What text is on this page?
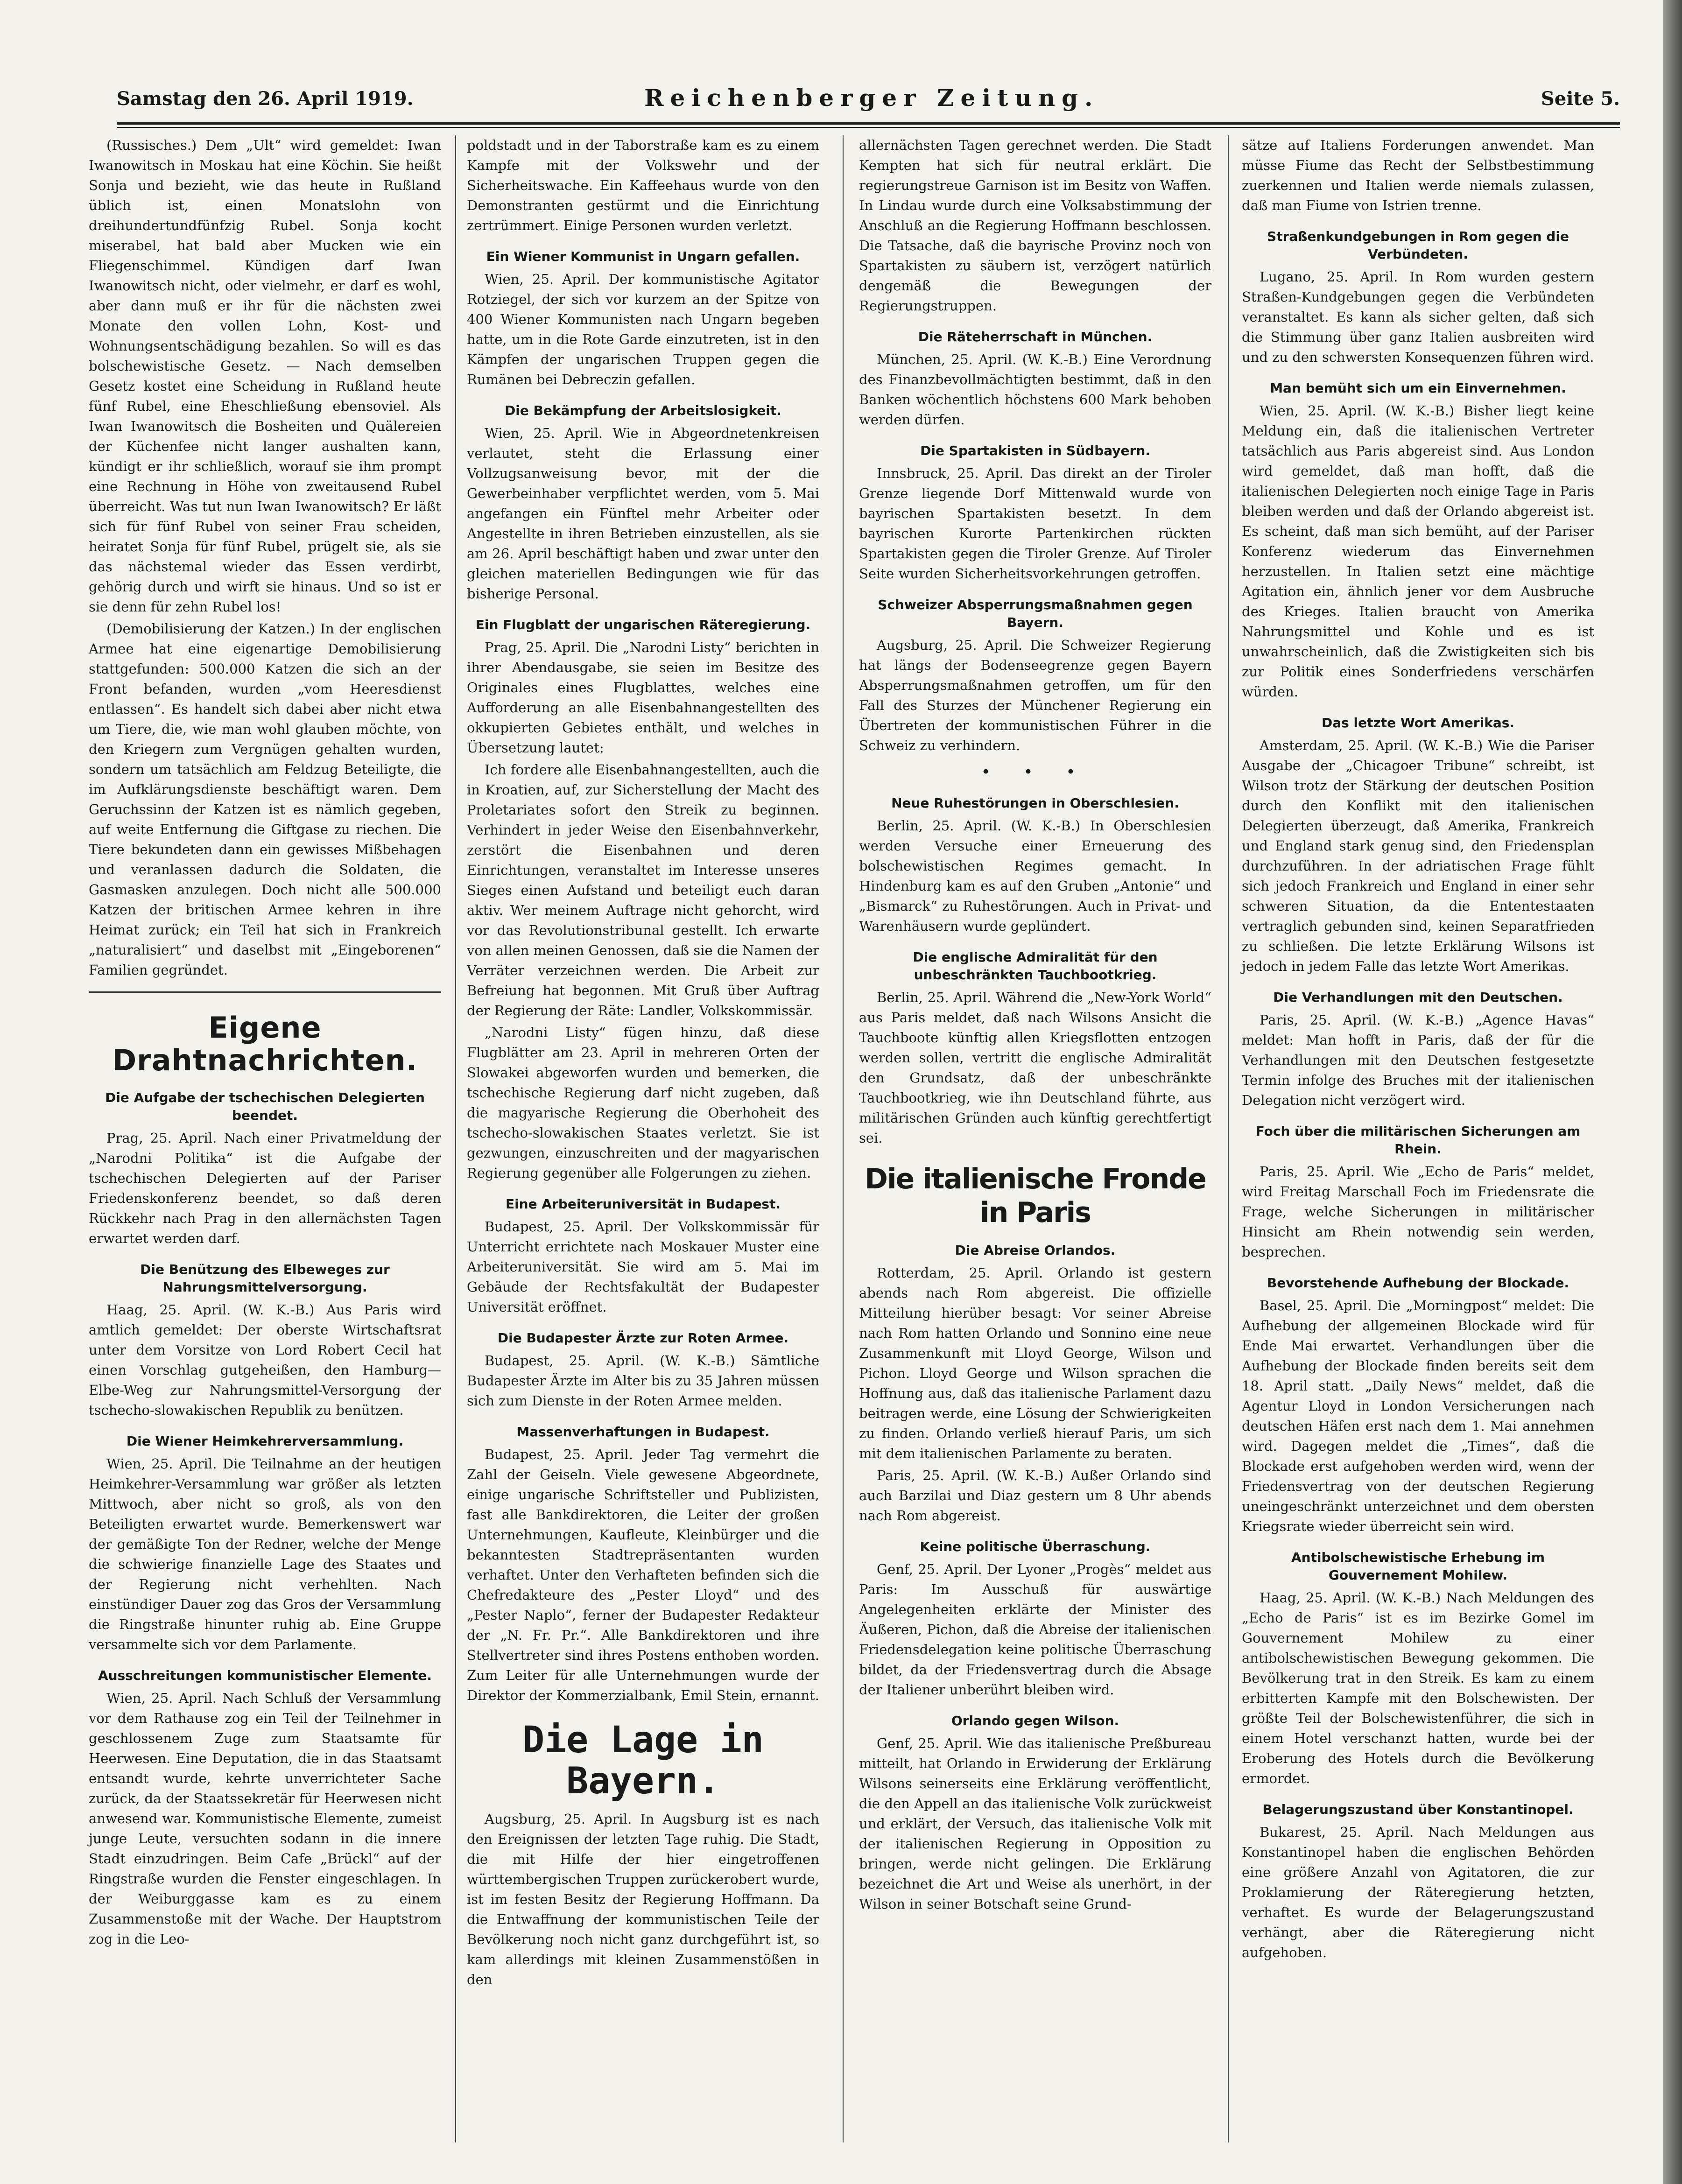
Samstag den 26. April 1919.	Reichenberger Zeitung.	Seite 5.

(Russisches.) Dem „Ult“ wird gemeldet: Iwan Iwanowitsch in Moskau hat eine Köchin. Sie heißt Sonja und bezieht, wie das heute in Rußland üblich ist, einen Monatslohn von dreihundertundfünfzig Rubel. Sonja kocht miserabel, hat bald aber Mucken wie ein Fliegenschimmel. Kündigen darf Iwan Iwanowitsch nicht, oder vielmehr, er darf es wohl, aber dann muß er ihr für die nächsten zwei Monate den vollen Lohn, Kost- und Wohnungsentschädigung bezahlen. So will es das bolschewistische Gesetz. — Nach demselben Gesetz kostet eine Scheidung in Rußland heute fünf Rubel, eine Eheschließung ebensoviel. Als Iwan Iwanowitsch die Bosheiten und Quälereien der Küchenfee nicht langer aushalten kann, kündigt er ihr schließlich, worauf sie ihm prompt eine Rechnung in Höhe von zweitausend Rubel überreicht. Was tut nun Iwan Iwanowitsch? Er läßt sich für fünf Rubel von seiner Frau scheiden, heiratet Sonja für fünf Rubel, prügelt sie, als sie das nächstemal wieder das Essen verdirbt, gehörig durch und wirft sie hinaus. Und so ist er sie denn für zehn Rubel los!

(Demobilisierung der Katzen.) In der englischen Armee hat eine eigenartige Demobilisierung stattgefunden: 500.000 Katzen die sich an der Front befanden, wurden „vom Heeresdienst entlassen“. Es handelt sich dabei aber nicht etwa um Tiere, die, wie man wohl glauben möchte, von den Kriegern zum Vergnügen gehalten wurden, sondern um tatsächlich am Feldzug Beteiligte, die im Aufklärungsdienste beschäftigt waren. Dem Geruchssinn der Katzen ist es nämlich gegeben, auf weite Entfernung die Giftgase zu riechen. Die Tiere bekundeten dann ein gewisses Mißbehagen und veranlassen dadurch die Soldaten, die Gasmasken anzulegen. Doch nicht alle 500.000 Katzen der britischen Armee kehren in ihre Heimat zurück; ein Teil hat sich in Frankreich „naturalisiert“ und daselbst mit „Eingeborenen“ Familien gegründet.

Eigene Drahtnachrichten.
Die Aufgabe der tschechischen Delegierten beendet.

Prag, 25. April. Nach einer Privatmeldung der „Narodni Politika“ ist die Aufgabe der tschechischen Delegierten auf der Pariser Friedenskonferenz beendet, so daß deren Rückkehr nach Prag in den allernächsten Tagen erwartet werden darf.

Die Benützung des Elbeweges zur Nahrungsmittelversorgung.

Haag, 25. April. (W. K.-B.) Aus Paris wird amtlich gemeldet: Der oberste Wirtschaftsrat unter dem Vorsitze von Lord Robert Cecil hat einen Vorschlag gutgeheißen, den Hamburg—Elbe-Weg zur Nahrungsmittel-Versorgung der tschecho-slowakischen Republik zu benützen.

Die Wiener Heimkehrerversammlung.

Wien, 25. April. Die Teilnahme an der heutigen Heimkehrer-Versammlung war größer als letzten Mittwoch, aber nicht so groß, als von den Beteiligten erwartet wurde. Bemerkenswert war der gemäßigte Ton der Redner, welche der Menge die schwierige finanzielle Lage des Staates und der Regierung nicht verhehlten. Nach einstündiger Dauer zog das Gros der Versammlung die Ringstraße hinunter ruhig ab. Eine Gruppe versammelte sich vor dem Parlamente.

Ausschreitungen kommunistischer Elemente.

Wien, 25. April. Nach Schluß der Versammlung vor dem Rathause zog ein Teil der Teilnehmer in geschlossenem Zuge zum Staatsamte für Heerwesen. Eine Deputation, die in das Staatsamt entsandt wurde, kehrte unverrichteter Sache zurück, da der Staatssekretär für Heerwesen nicht anwesend war. Kommunistische Elemente, zumeist junge Leute, versuchten sodann in die innere Stadt einzudringen. Beim Cafe „Brückl“ auf der Ringstraße wurden die Fenster eingeschlagen. In der Weiburggasse kam es zu einem Zusammenstoße mit der Wache. Der Hauptstrom zog in die Leo-

poldstadt und in der Taborstraße kam es zu einem Kampfe mit der Volkswehr und der Sicherheitswache. Ein Kaffeehaus wurde von den Demonstranten gestürmt und die Einrichtung zertrümmert. Einige Personen wurden verletzt.

Ein Wiener Kommunist in Ungarn gefallen.

Wien, 25. April. Der kommunistische Agitator Rotziegel, der sich vor kurzem an der Spitze von 400 Wiener Kommunisten nach Ungarn begeben hatte, um in die Rote Garde einzutreten, ist in den Kämpfen der ungarischen Truppen gegen die Rumänen bei Debreczin gefallen.

Die Bekämpfung der Arbeitslosigkeit.

Wien, 25. April. Wie in Abgeordnetenkreisen verlautet, steht die Erlassung einer Vollzugsanweisung bevor, mit der die Gewerbeinhaber verpflichtet werden, vom 5. Mai angefangen ein Fünftel mehr Arbeiter oder Angestellte in ihren Betrieben einzustellen, als sie am 26. April beschäftigt haben und zwar unter den gleichen materiellen Bedingungen wie für das bisherige Personal.

Ein Flugblatt der ungarischen Räteregierung.

Prag, 25. April. Die „Narodni Listy“ berichten in ihrer Abendausgabe, sie seien im Besitze des Originales eines Flugblattes, welches eine Aufforderung an alle Eisenbahnangestellten des okkupierten Gebietes enthält, und welches in Übersetzung lautet:

Ich fordere alle Eisenbahnangestellten, auch die in Kroatien, auf, zur Sicherstellung der Macht des Proletariates sofort den Streik zu beginnen. Verhindert in jeder Weise den Eisenbahnverkehr, zerstört die Eisenbahnen und deren Einrichtungen, veranstaltet im Interesse unseres Sieges einen Aufstand und beteiligt euch daran aktiv. Wer meinem Auftrage nicht gehorcht, wird vor das Revolutionstribunal gestellt. Ich erwarte von allen meinen Genossen, daß sie die Namen der Verräter verzeichnen werden. Die Arbeit zur Befreiung hat begonnen. Mit Gruß über Auftrag der Regierung der Räte: Landler, Volkskommissär.

„Narodni Listy“ fügen hinzu, daß diese Flugblätter am 23. April in mehreren Orten der Slowakei abgeworfen wurden und bemerken, die tschechische Regierung darf nicht zugeben, daß die magyarische Regierung die Oberhoheit des tschecho-slowakischen Staates verletzt. Sie ist gezwungen, einzuschreiten und der magyarischen Regierung gegenüber alle Folgerungen zu ziehen.

Eine Arbeiteruniversität in Budapest.

Budapest, 25. April. Der Volkskommissär für Unterricht errichtete nach Moskauer Muster eine Arbeiteruniversität. Sie wird am 5. Mai im Gebäude der Rechtsfakultät der Budapester Universität eröffnet.

Die Budapester Ärzte zur Roten Armee.

Budapest, 25. April. (W. K.-B.) Sämtliche Budapester Ärzte im Alter bis zu 35 Jahren müssen sich zum Dienste in der Roten Armee melden.

Massenverhaftungen in Budapest.

Budapest, 25. April. Jeder Tag vermehrt die Zahl der Geiseln. Viele gewesene Abgeordnete, einige ungarische Schriftsteller und Publizisten, fast alle Bankdirektoren, die Leiter der großen Unternehmungen, Kaufleute, Kleinbürger und die bekanntesten Stadtrepräsentanten wurden verhaftet. Unter den Verhafteten befinden sich die Chefredakteure des „Pester Lloyd“ und des „Pester Naplo“, ferner der Budapester Redakteur der „N. Fr. Pr.“. Alle Bankdirektoren und ihre Stellvertreter sind ihres Postens enthoben worden. Zum Leiter für alle Unternehmungen wurde der Direktor der Kommerzialbank, Emil Stein, ernannt.

Die Lage in Bayern.

Augsburg, 25. April. In Augsburg ist es nach den Ereignissen der letzten Tage ruhig. Die Stadt, die mit Hilfe der hier eingetroffenen württembergischen Truppen zurückerobert wurde, ist im festen Besitz der Regierung Hoffmann. Da die Entwaffnung der kommunistischen Teile der Bevölkerung noch nicht ganz durchgeführt ist, so kam allerdings mit kleinen Zusammenstößen in den

allernächsten Tagen gerechnet werden. Die Stadt Kempten hat sich für neutral erklärt. Die regierungstreue Garnison ist im Besitz von Waffen. In Lindau wurde durch eine Volksabstimmung der Anschluß an die Regierung Hoffmann beschlossen. Die Tatsache, daß die bayrische Provinz noch von Spartakisten zu säubern ist, verzögert natürlich dengemäß die Bewegungen der Regierungstruppen.

Die Räteherrschaft in München.

München, 25. April. (W. K.-B.) Eine Verordnung des Finanzbevollmächtigten bestimmt, daß in den Banken wöchentlich höchstens 600 Mark behoben werden dürfen.

Die Spartakisten in Südbayern.

Innsbruck, 25. April. Das direkt an der Tiroler Grenze liegende Dorf Mittenwald wurde von bayrischen Spartakisten besetzt. In dem bayrischen Kurorte Partenkirchen rückten Spartakisten gegen die Tiroler Grenze. Auf Tiroler Seite wurden Sicherheitsvorkehrungen getroffen.

Schweizer Absperrungsmaßnahmen gegen Bayern.

Augsburg, 25. April. Die Schweizer Regierung hat längs der Bodenseegrenze gegen Bayern Absperrungsmaßnahmen getroffen, um für den Fall des Sturzes der Münchener Regierung ein Übertreten der kommunistischen Führer in die Schweiz zu verhindern.

• • •
Neue Ruhestörungen in Oberschlesien.

Berlin, 25. April. (W. K.-B.) In Oberschlesien werden Versuche einer Erneuerung des bolschewistischen Regimes gemacht. In Hindenburg kam es auf den Gruben „Antonie“ und „Bismarck“ zu Ruhestörungen. Auch in Privat- und Warenhäusern wurde geplündert.

Die englische Admiralität für den unbeschränkten Tauchbootkrieg.

Berlin, 25. April. Während die „New-York World“ aus Paris meldet, daß nach Wilsons Ansicht die Tauchboote künftig allen Kriegsflotten entzogen werden sollen, vertritt die englische Admiralität den Grundsatz, daß der unbeschränkte Tauchbootkrieg, wie ihn Deutschland führte, aus militärischen Gründen auch künftig gerechtfertigt sei.

Die italienische Fronde in Paris
Die Abreise Orlandos.

Rotterdam, 25. April. Orlando ist gestern abends nach Rom abgereist. Die offizielle Mitteilung hierüber besagt: Vor seiner Abreise nach Rom hatten Orlando und Sonnino eine neue Zusammenkunft mit Lloyd George, Wilson und Pichon. Lloyd George und Wilson sprachen die Hoffnung aus, daß das italienische Parlament dazu beitragen werde, eine Lösung der Schwierigkeiten zu finden. Orlando verließ hierauf Paris, um sich mit dem italienischen Parlamente zu beraten.

Paris, 25. April. (W. K.-B.) Außer Orlando sind auch Barzilai und Diaz gestern um 8 Uhr abends nach Rom abgereist.

Keine politische Überraschung.

Genf, 25. April. Der Lyoner „Progès“ meldet aus Paris: Im Ausschuß für auswärtige Angelegenheiten erklärte der Minister des Äußeren, Pichon, daß die Abreise der italienischen Friedensdelegation keine politische Überraschung bildet, da der Friedensvertrag durch die Absage der Italiener unberührt bleiben wird.

Orlando gegen Wilson.

Genf, 25. April. Wie das italienische Preßbureau mitteilt, hat Orlando in Erwiderung der Erklärung Wilsons seinerseits eine Erklärung veröffentlicht, die den Appell an das italienische Volk zurückweist und erklärt, der Versuch, das italienische Volk mit der italienischen Regierung in Opposition zu bringen, werde nicht gelingen. Die Erklärung bezeichnet die Art und Weise als unerhört, in der Wilson in seiner Botschaft seine Grund-

sätze auf Italiens Forderungen anwendet. Man müsse Fiume das Recht der Selbstbestimmung zuerkennen und Italien werde niemals zulassen, daß man Fiume von Istrien trenne.

Straßenkundgebungen in Rom gegen die Verbündeten.

Lugano, 25. April. In Rom wurden gestern Straßen-Kundgebungen gegen die Verbündeten veranstaltet. Es kann als sicher gelten, daß sich die Stimmung über ganz Italien ausbreiten wird und zu den schwersten Konsequenzen führen wird.

Man bemüht sich um ein Einvernehmen.

Wien, 25. April. (W. K.-B.) Bisher liegt keine Meldung ein, daß die italienischen Vertreter tatsächlich aus Paris abgereist sind. Aus London wird gemeldet, daß man hofft, daß die italienischen Delegierten noch einige Tage in Paris bleiben werden und daß der Orlando abgereist ist. Es scheint, daß man sich bemüht, auf der Pariser Konferenz wiederum das Einvernehmen herzustellen. In Italien setzt eine mächtige Agitation ein, ähnlich jener vor dem Ausbruche des Krieges. Italien braucht von Amerika Nahrungsmittel und Kohle und es ist unwahrscheinlich, daß die Zwistigkeiten sich bis zur Politik eines Sonderfriedens verschärfen würden.

Das letzte Wort Amerikas.

Amsterdam, 25. April. (W. K.-B.) Wie die Pariser Ausgabe der „Chicagoer Tribune“ schreibt, ist Wilson trotz der Stärkung der deutschen Position durch den Konflikt mit den italienischen Delegierten überzeugt, daß Amerika, Frankreich und England stark genug sind, den Friedensplan durchzuführen. In der adriatischen Frage fühlt sich jedoch Frankreich und England in einer sehr schweren Situation, da die Ententestaaten vertraglich gebunden sind, keinen Separatfrieden zu schließen. Die letzte Erklärung Wilsons ist jedoch in jedem Falle das letzte Wort Amerikas.

Die Verhandlungen mit den Deutschen.

Paris, 25. April. (W. K.-B.) „Agence Havas“ meldet: Man hofft in Paris, daß der für die Verhandlungen mit den Deutschen festgesetzte Termin infolge des Bruches mit der italienischen Delegation nicht verzögert wird.

Foch über die militärischen Sicherungen am Rhein.

Paris, 25. April. Wie „Echo de Paris“ meldet, wird Freitag Marschall Foch im Friedensrate die Frage, welche Sicherungen in militärischer Hinsicht am Rhein notwendig sein werden, besprechen.

Bevorstehende Aufhebung der Blockade.

Basel, 25. April. Die „Morningpost“ meldet: Die Aufhebung der allgemeinen Blockade wird für Ende Mai erwartet. Verhandlungen über die Aufhebung der Blockade finden bereits seit dem 18. April statt. „Daily News“ meldet, daß die Agentur Lloyd in London Versicherungen nach deutschen Häfen erst nach dem 1. Mai annehmen wird. Dagegen meldet die „Times“, daß die Blockade erst aufgehoben werden wird, wenn der Friedensvertrag von der deutschen Regierung uneingeschränkt unterzeichnet und dem obersten Kriegsrate wieder überreicht sein wird.

Antibolschewistische Erhebung im Gouvernement Mohilew.

Haag, 25. April. (W. K.-B.) Nach Meldungen des „Echo de Paris“ ist es im Bezirke Gomel im Gouvernement Mohilew zu einer antibolschewistischen Bewegung gekommen. Die Bevölkerung trat in den Streik. Es kam zu einem erbitterten Kampfe mit den Bolschewisten. Der größte Teil der Bolschewistenführer, die sich in einem Hotel verschanzt hatten, wurde bei der Eroberung des Hotels durch die Bevölkerung ermordet.

Belagerungszustand über Konstantinopel.

Bukarest, 25. April. Nach Meldungen aus Konstantinopel haben die englischen Behörden eine größere Anzahl von Agitatoren, die zur Proklamierung der Räteregierung hetzten, verhaftet. Es wurde der Belagerungszustand verhängt, aber die Räteregierung nicht aufgehoben.
